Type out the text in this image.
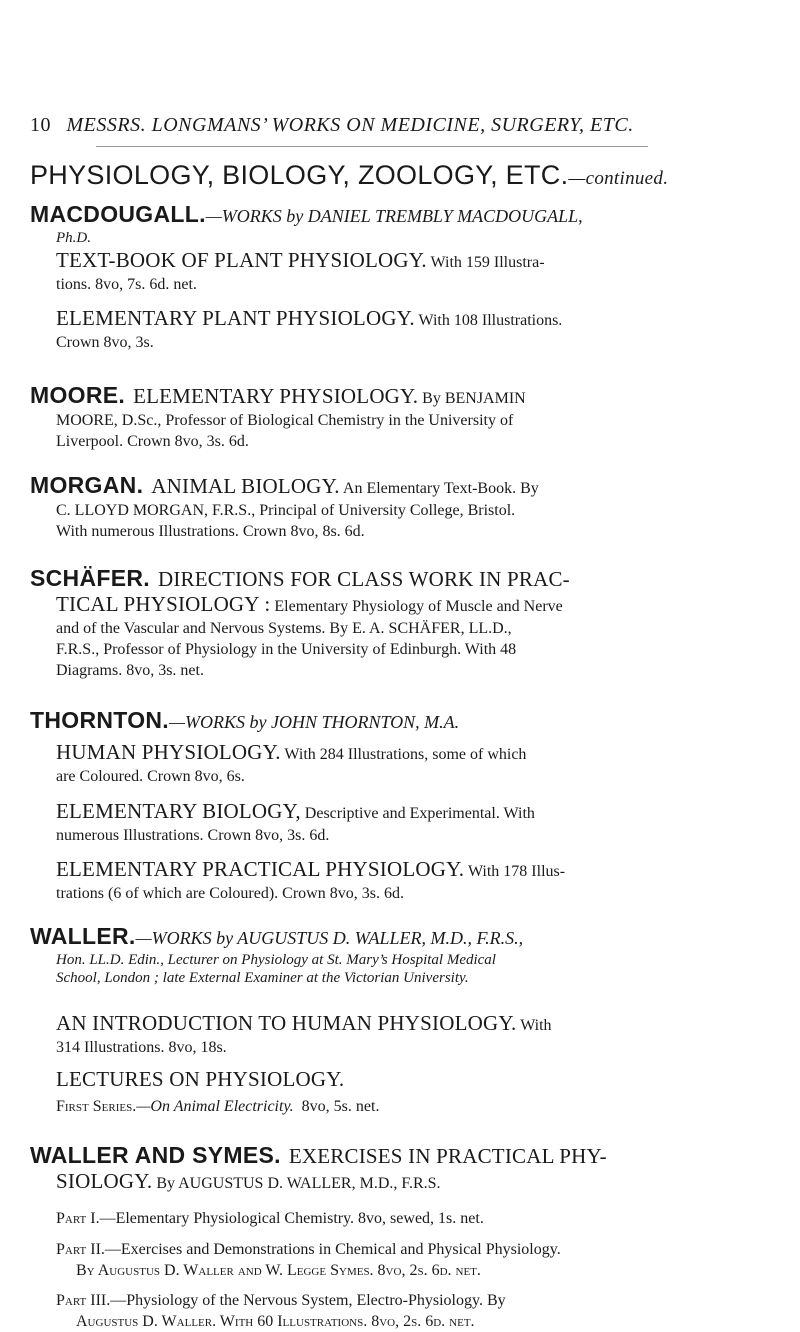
10 MESSRS. LONGMANS’ WORKS ON MEDICINE, SURGERY, ETC.
PHYSIOLOGY, BIOLOGY, ZOOLOGY, ETC.—continued.
MACDOUGALL.—WORKS by DANIEL TREMBLY MACDOUGALL,
Ph.D.
TEXT-BOOK OF PLANT PHYSIOLOGY. With 159 Illustra-
tions. 8vo, 7s. 6d. net.
ELEMENTARY PLANT PHYSIOLOGY. With 108 Illustrations.
Crown 8vo, 3s.
MOORE. ELEMENTARY PHYSIOLOGY. By BENJAMIN
MOORE, D.Sc., Professor of Biological Chemistry in the University of
Liverpool. Crown 8vo, 3s. 6d.
MORGAN. ANIMAL BIOLOGY. An Elementary Text-Book. By
C. LLOYD MORGAN, F.R.S., Principal of University College, Bristol.
With numerous Illustrations. Crown 8vo, 8s. 6d.
SCHÄFER. DIRECTIONS FOR CLASS WORK IN PRAC-
TICAL PHYSIOLOGY : Elementary Physiology of Muscle and Nerve
and of the Vascular and Nervous Systems. By E. A. SCHÄFER, LL.D.,
F.R.S., Professor of Physiology in the University of Edinburgh. With 48
Diagrams. 8vo, 3s. net.
THORNTON.—WORKS by JOHN THORNTON, M.A.
HUMAN PHYSIOLOGY. With 284 Illustrations, some of which
are Coloured. Crown 8vo, 6s.
ELEMENTARY BIOLOGY, Descriptive and Experimental. With
numerous Illustrations. Crown 8vo, 3s. 6d.
ELEMENTARY PRACTICAL PHYSIOLOGY. With 178 Illus-
trations (6 of which are Coloured). Crown 8vo, 3s. 6d.
WALLER.—WORKS by AUGUSTUS D. WALLER, M.D., F.R.S.,
Hon. LL.D. Edin., Lecturer on Physiology at St. Mary’s Hospital Medical
School, London ; late External Examiner at the Victorian University.
AN INTRODUCTION TO HUMAN PHYSIOLOGY. With
314 Illustrations. 8vo, 18s.
LECTURES ON PHYSIOLOGY.
First Series.—On Animal Electricity. 8vo, 5s. net.
WALLER AND SYMES. EXERCISES IN PRACTICAL PHY-
SIOLOGY. By AUGUSTUS D. WALLER, M.D., F.R.S.
Part I.—Elementary Physiological Chemistry. 8vo, sewed, 1s. net.
Part II.—Exercises and Demonstrations in Chemical and Physical Physiology.
By Augustus D. Waller and W. Legge Symes. 8vo, 2s. 6d. net.
Part III.—Physiology of the Nervous System, Electro-Physiology. By
Augustus D. Waller. With 60 Illustrations. 8vo, 2s. 6d. net.
